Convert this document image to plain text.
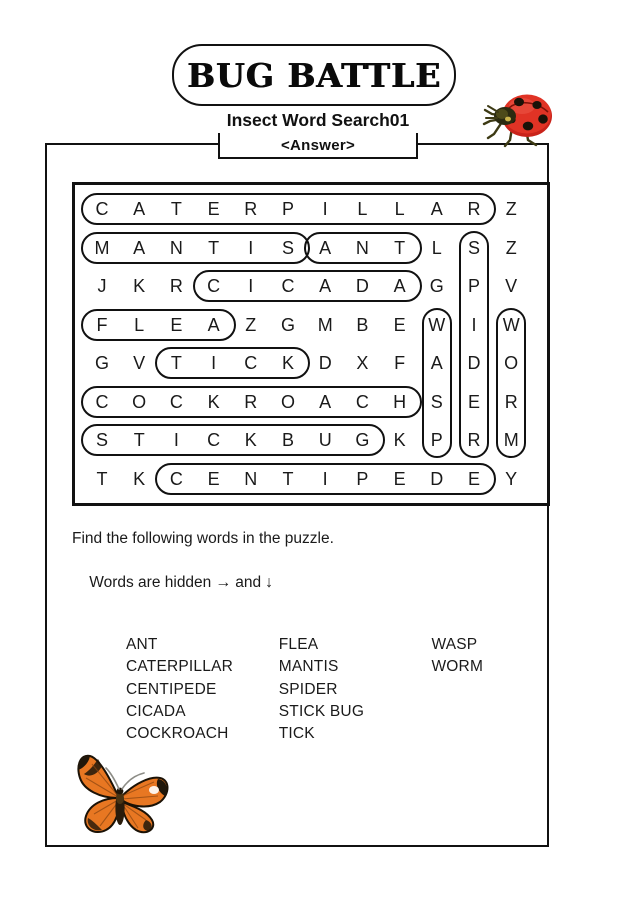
BUG BATTLE
Insect Word Search01
<Answer>
C	A	T	E	R	P	I	L	L	A	R	Z
M	A	N	T	I	S	A	N	T	L	S	Z
J	K	R	C	I	C	A	D	A	G	P	V
F	L	E	A	Z	G	M	B	E	W	I	W
G	V	T	I	C	K	D	X	F	A	D	O
C	O	C	K	R	O	A	C	H	S	E	R
S	T	I	C	K	B	U	G	K	P	R	M
T	K	C	E	N	T	I	P	E	D	E	Y
Find the following words in the puzzle.

Words are hidden → and ↓

ANT
CATERPILLAR
CENTIPEDE
CICADA
COCKROACH
FLEA
MANTIS
SPIDER
STICK BUG
TICK
WASP
WORM
